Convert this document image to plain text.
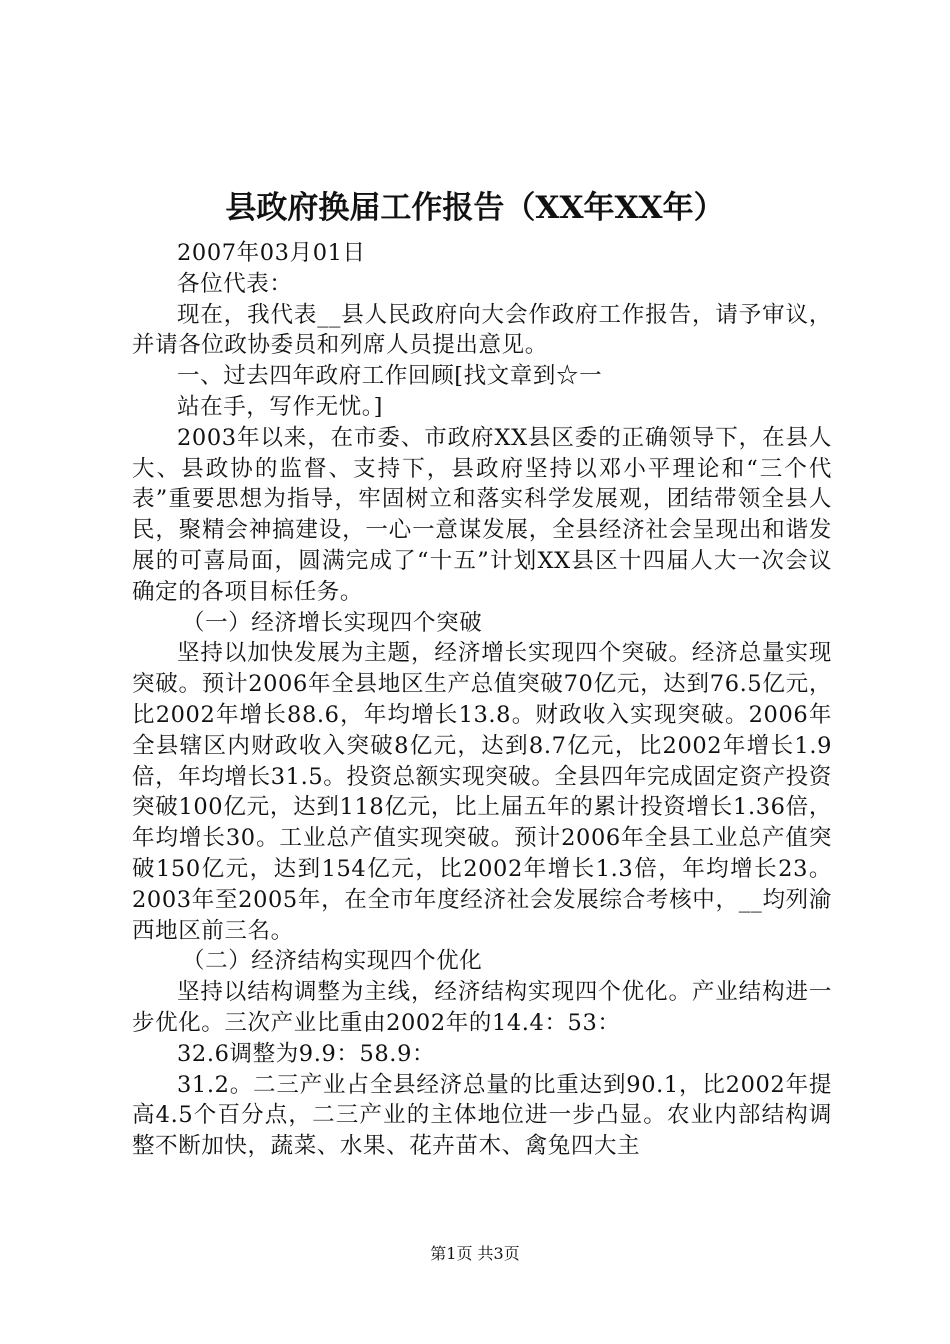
县政府换届工作报告（XX年XX年）

2007年03月01日

各位代表：

现在，我代表__县人民政府向大会作政府工作报告，请予审议，并请各位政协委员和列席人员提出意见。

一、过去四年政府工作回顾[找文章到☆一

站在手，写作无忧。]

2003年以来，在市委、市政府XX县区委的正确领导下，在县人大、县政协的监督、支持下，县政府坚持以邓小平理论和“三个代表”重要思想为指导，牢固树立和落实科学发展观，团结带领全县人民，聚精会神搞建设，一心一意谋发展，全县经济社会呈现出和谐发展的可喜局面，圆满完成了“十五”计划XX县区十四届人大一次会议确定的各项目标任务。

（一）经济增长实现四个突破

坚持以加快发展为主题，经济增长实现四个突破。经济总量实现突破。预计2006年全县地区生产总值突破70亿元，达到76.5亿元，比2002年增长88.6，年均增长13.8。财政收入实现突破。2006年全县辖区内财政收入突破8亿元，达到8.7亿元，比2002年增长1.9倍，年均增长31.5。投资总额实现突破。全县四年完成固定资产投资突破100亿元，达到118亿元，比上届五年的累计投资增长1.36倍，年均增长30。工业总产值实现突破。预计2006年全县工业总产值突破150亿元，达到154亿元，比2002年增长1.3倍，年均增长23。2003年至2005年，在全市年度经济社会发展综合考核中，__均列渝西地区前三名。

（二）经济结构实现四个优化

坚持以结构调整为主线，经济结构实现四个优化。产业结构进一步优化。三次产业比重由2002年的14.4：53：

32.6调整为9.9：58.9：

31.2。二三产业占全县经济总量的比重达到90.1，比2002年提高4.5个百分点，二三产业的主体地位进一步凸显。农业内部结构调整不断加快，蔬菜、水果、花卉苗木、禽兔四大主

第1页 共3页
